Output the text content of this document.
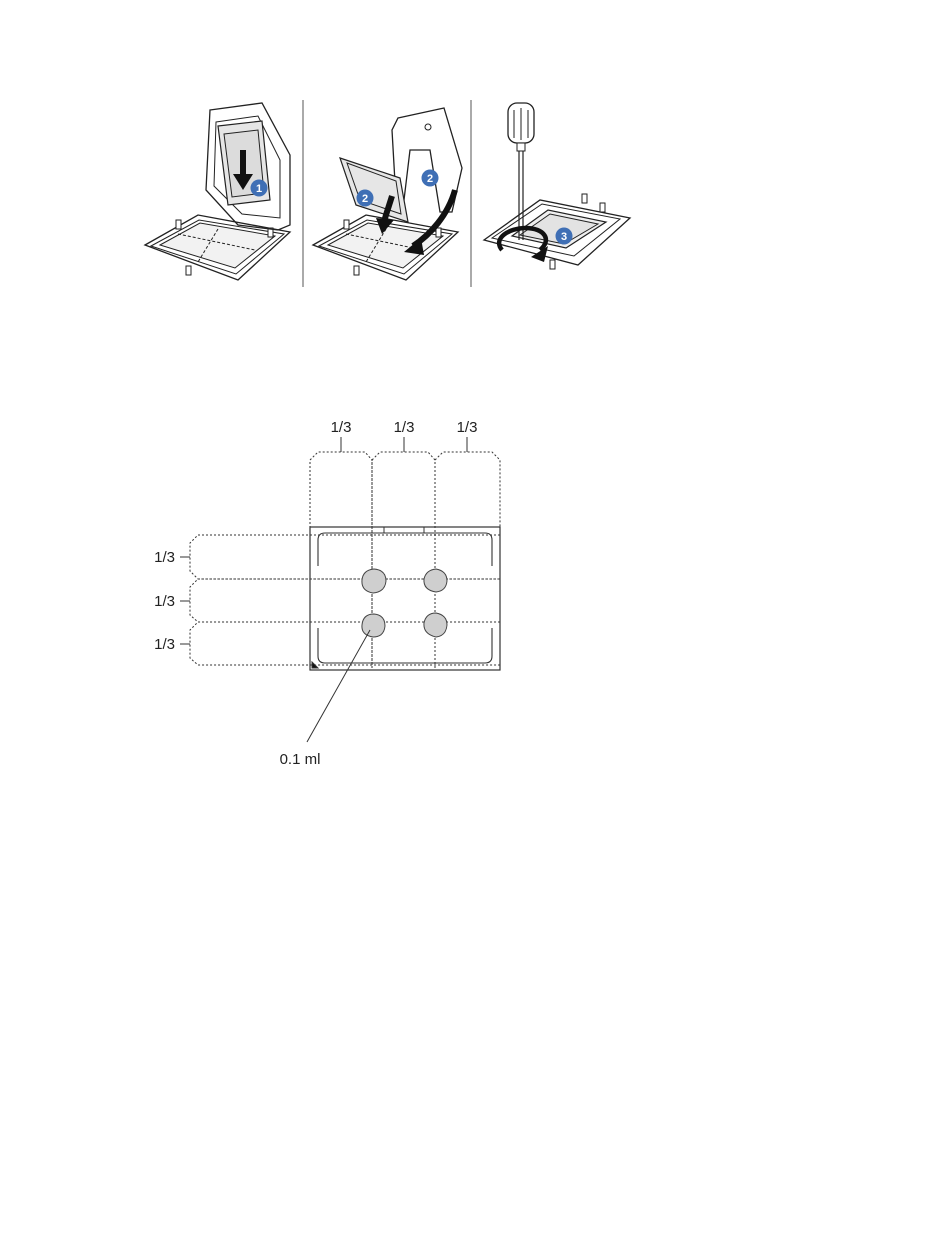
1
2
2
3
1/3	1/3	1/3
1/3
1/3
1/3
0.1 ml
